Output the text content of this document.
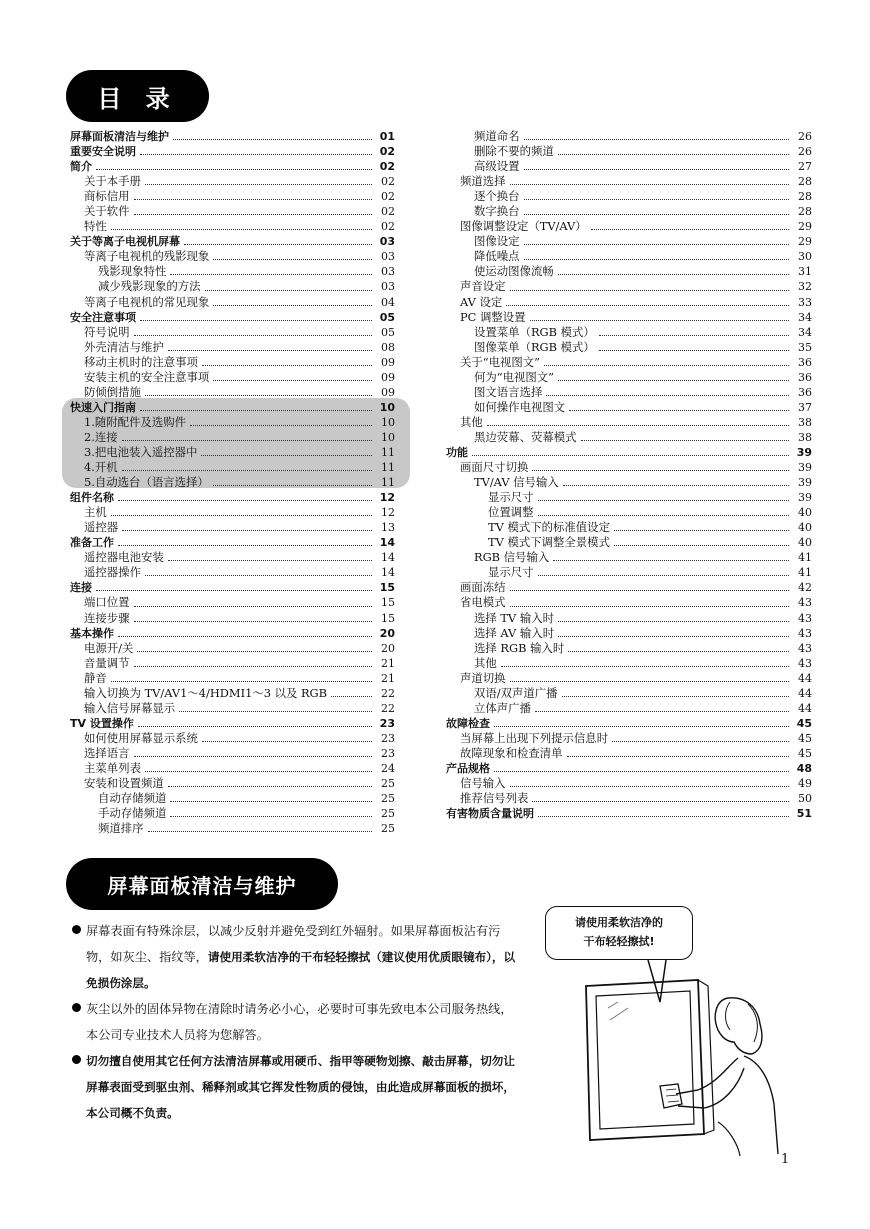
目 录
屏幕面板清洁与维护	01
重要安全说明	02
简介	02
关于本手册	02
商标信用	02
关于软件	02
特性	02
关于等离子电视机屏幕	03
等离子电视机的残影现象	03
残影现象特性	03
减少残影现象的方法	03
等离子电视机的常见现象	04
安全注意事项	05
符号说明	05
外壳清洁与维护	08
移动主机时的注意事项	09
安装主机的安全注意事项	09
防倾倒措施	09
快速入门指南	10
1.随附配件及选购件	10
2.连接	10
3.把电池装入遥控器中	11
4.开机	11
5.自动选台（语言选择）	11
组件名称	12
主机	12
遥控器	13
准备工作	14
遥控器电池安装	14
遥控器操作	14
连接	15
端口位置	15
连接步骤	15
基本操作	20
电源开/关	20
音量调节	21
静音	21
输入切换为 TV/AV1～4/HDMI1～3 以及 RGB	22
输入信号屏幕显示	22
TV 设置操作	23
如何使用屏幕显示系统	23
选择语言	23
主菜单列表	24
安装和设置频道	25
自动存储频道	25
手动存储频道	25
频道排序	25
频道命名	26
删除不要的频道	26
高级设置	27
频道选择	28
逐个换台	28
数字换台	28
图像调整设定（TV/AV）	29
图像设定	29
降低噪点	30
使运动图像流畅	31
声音设定	32
AV 设定	33
PC 调整设置	34
设置菜单（RGB 模式）	34
图像菜单（RGB 模式）	35
关于“电视图文”	36
何为“电视图文”	36
图文语言选择	36
如何操作电视图文	37
其他	38
黑边荧幕、荧幕模式	38
功能	39
画面尺寸切换	39
TV/AV 信号输入	39
显示尺寸	39
位置调整	40
TV 模式下的标准值设定	40
TV 模式下调整全景模式	40
RGB 信号输入	41
显示尺寸	41
画面冻结	42
省电模式	43
选择 TV 输入时	43
选择 AV 输入时	43
选择 RGB 输入时	43
其他	43
声道切换	44
双语/双声道广播	44
立体声广播	44
故障检查	45
当屏幕上出现下列提示信息时	45
故障现象和检查清单	45
产品规格	48
信号输入	49
推荐信号列表	50
有害物质含量说明	51
屏幕面板清洁与维护
屏幕表面有特殊涂层，以减少反射并避免受到红外辐射。如果屏幕面板沾有污物，如灰尘、指纹等，请使用柔软洁净的干布轻轻擦拭（建议使用优质眼镜布），以免损伤涂层。
灰尘以外的固体异物在清除时请务必小心，必要时可事先致电本公司服务热线，本公司专业技术人员将为您解答。
切勿擅自使用其它任何方法清洁屏幕或用硬币、指甲等硬物划擦、敲击屏幕，切勿让屏幕表面受到驱虫剂、稀释剂或其它挥发性物质的侵蚀，由此造成屏幕面板的损坏，本公司概不负责。
请使用柔软洁净的
干布轻轻擦拭!
1
